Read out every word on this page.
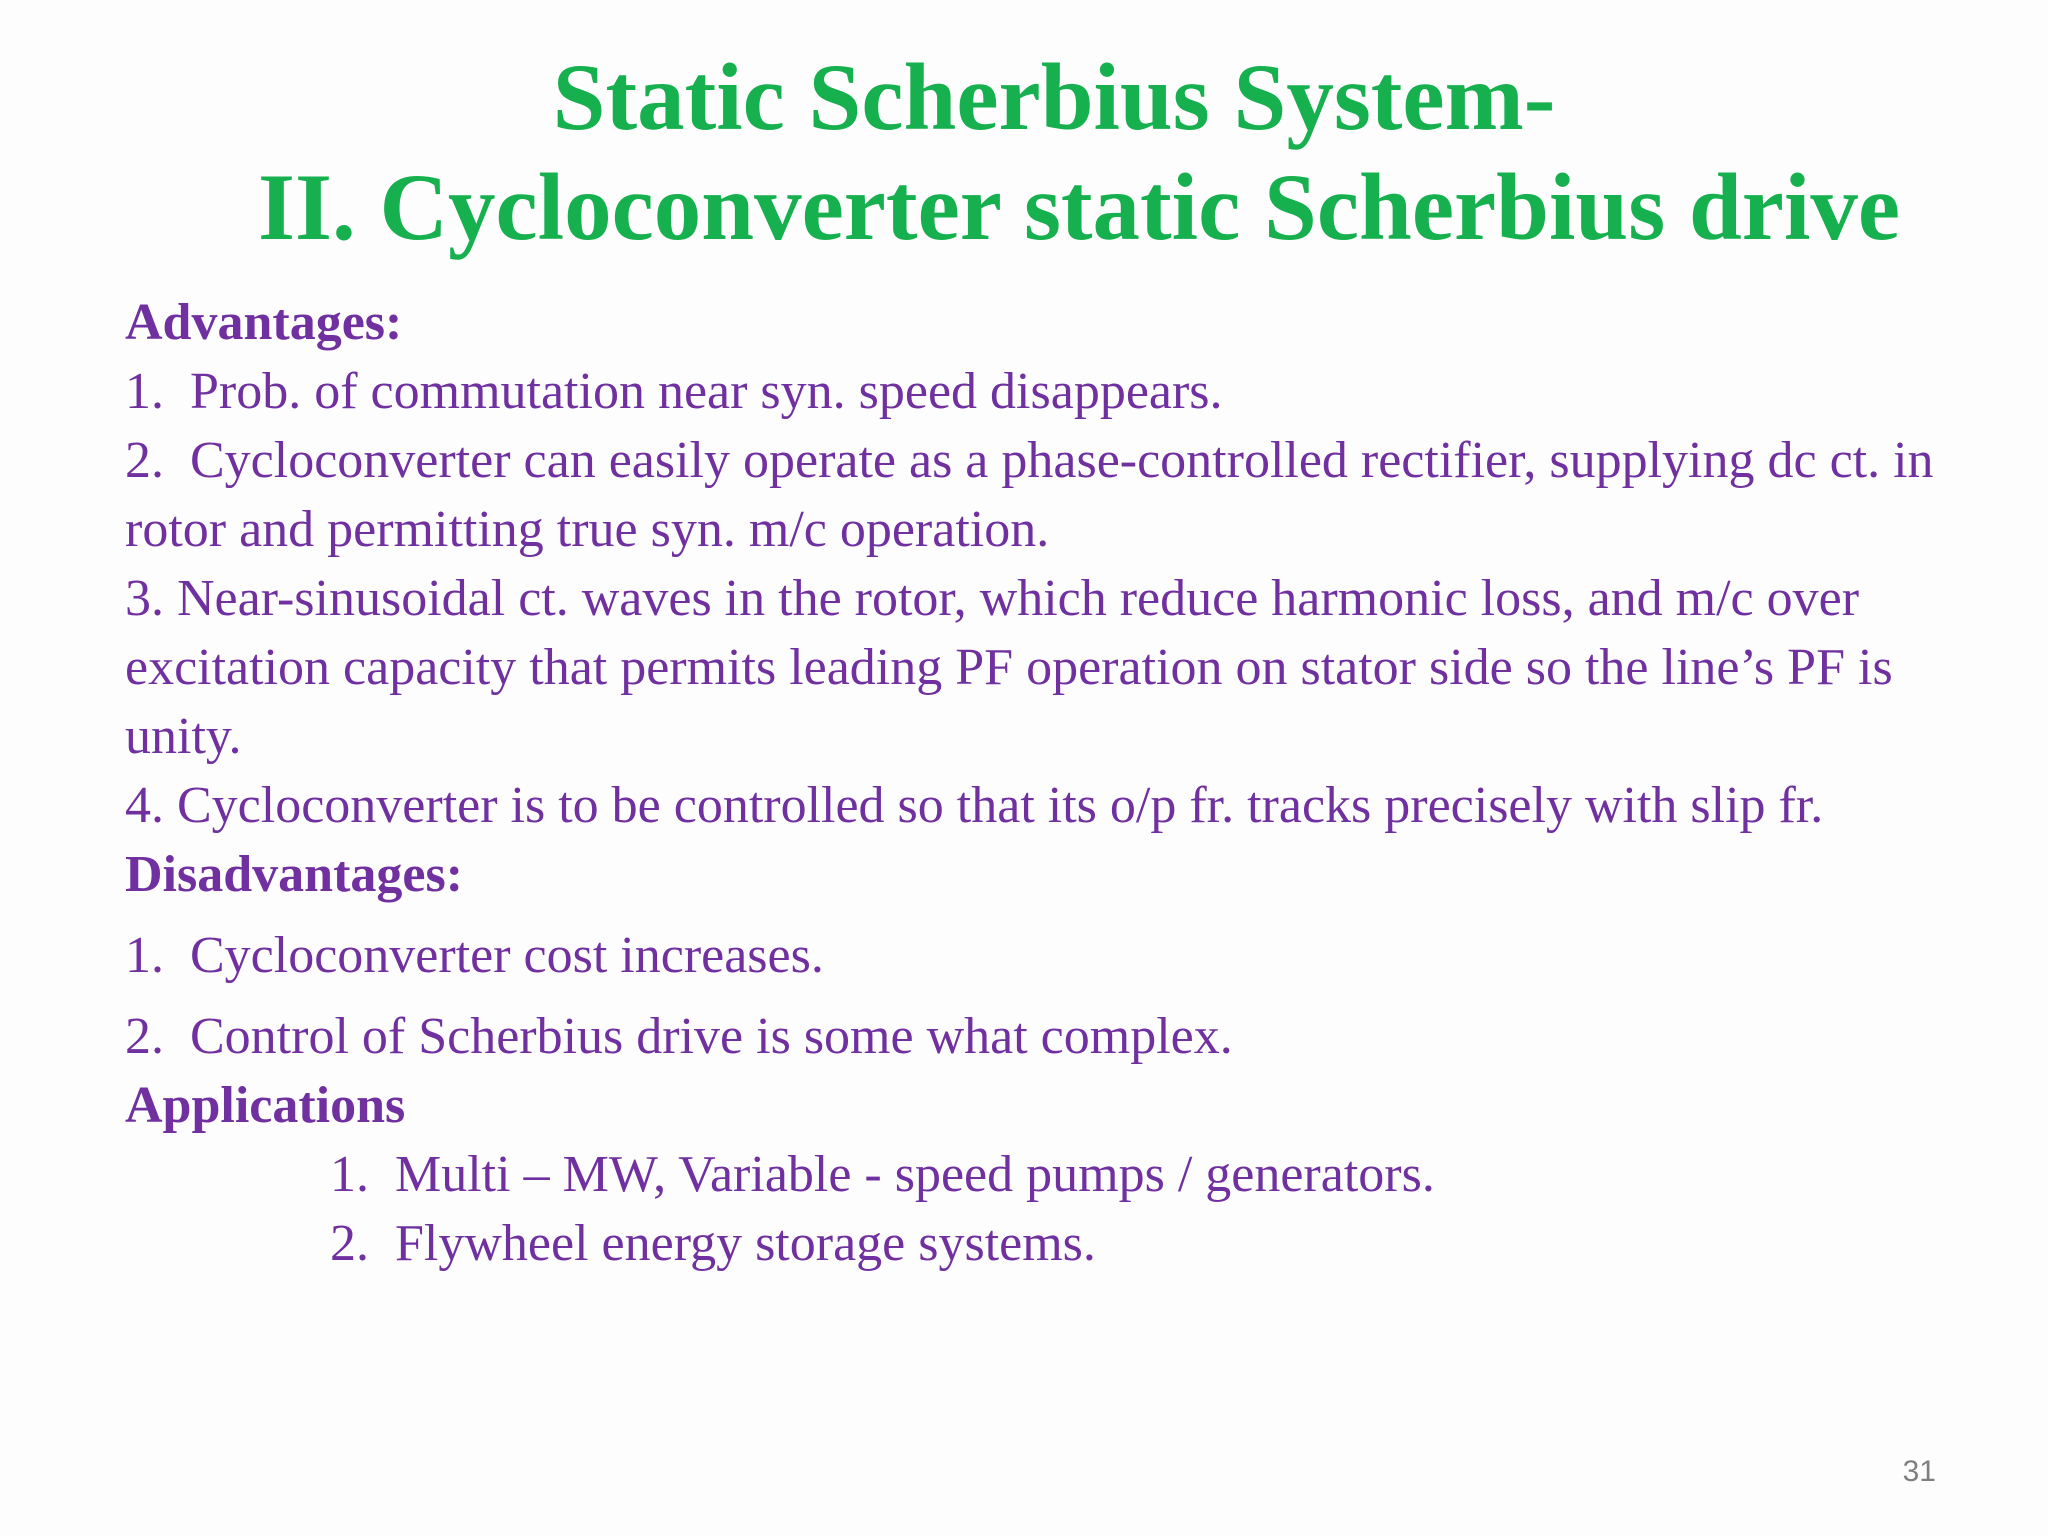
Static Scherbius System-
II. Cycloconverter static Scherbius drive
Advantages:
1.  Prob. of commutation near syn. speed disappears.
2.  Cycloconverter can easily operate as a phase-controlled rectifier, supplying dc ct. in rotor and permitting true syn. m/c operation.
3. Near-sinusoidal ct. waves in the rotor, which reduce harmonic loss, and m/c over excitation capacity that permits leading PF operation on stator side so the line’s PF is unity.
4. Cycloconverter is to be controlled so that its o/p fr. tracks precisely with slip fr.
Disadvantages:
1.  Cycloconverter cost increases.
2.  Control of Scherbius drive is some what complex.
Applications
1.  Multi – MW, Variable - speed pumps / generators.
2.  Flywheel energy storage systems.
31
